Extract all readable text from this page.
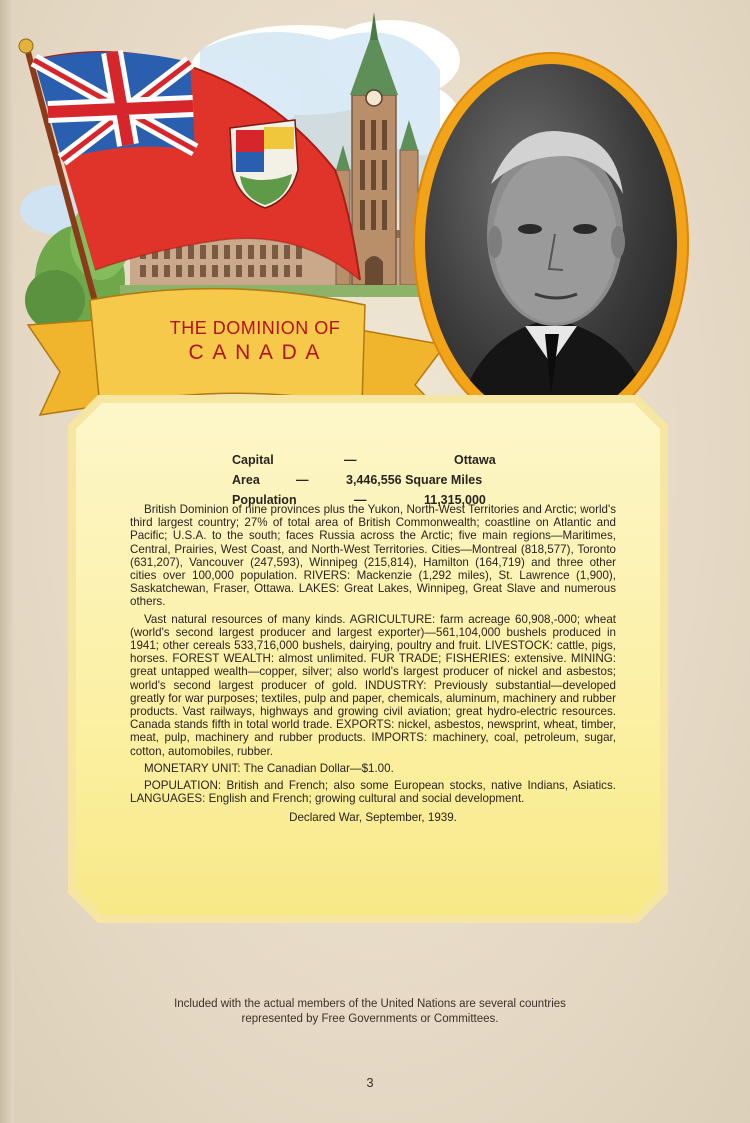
THE DOMINION OF
C A N A D A
Capital	—	Ottawa
Area	—	3,446,556 Square Miles
Population	—	11,315,000

British Dominion of nine provinces plus the Yukon, North-West Territories and Arctic; world's third largest country; 27% of total area of British Commonwealth; coastline on Atlantic and Pacific; U.S.A. to the south; faces Russia across the Arctic; five main regions—Maritimes, Central, Prairies, West Coast, and North-West Territories. Cities—Montreal (818,577), Toronto (631,207), Vancouver (247,593), Winnipeg (215,814), Hamilton (164,719) and three other cities over 100,000 population. RIVERS: Mackenzie (1,292 miles), St. Lawrence (1,900), Saskatchewan, Fraser, Ottawa. LAKES: Great Lakes, Winnipeg, Great Slave and numerous others.

Vast natural resources of many kinds. AGRICULTURE: farm acreage 60,908,-000; wheat (world's second largest producer and largest exporter)—561,104,000 bushels produced in 1941; other cereals 533,716,000 bushels, dairying, poultry and fruit. LIVESTOCK: cattle, pigs, horses. FOREST WEALTH: almost unlimited. FUR TRADE; FISHERIES: extensive. MINING: great untapped wealth—copper, silver; also world's largest producer of nickel and asbestos; world's second largest producer of gold. INDUSTRY: Previously substantial—developed greatly for war purposes; textiles, pulp and paper, chemicals, aluminum, machinery and rubber products. Vast railways, highways and growing civil aviation; great hydro-electric resources. Canada stands fifth in total world trade. EXPORTS: nickel, asbestos, newsprint, wheat, timber, meat, pulp, machinery and rubber products. IMPORTS: machinery, coal, petroleum, sugar, cotton, automobiles, rubber.

MONETARY UNIT: The Canadian Dollar—$1.00.

POPULATION: British and French; also some European stocks, native Indians, Asiatics. LANGUAGES: English and French; growing cultural and social development.

Declared War, September, 1939.

Included with the actual members of the United Nations are several countries represented by Free Governments or Committees.
3
